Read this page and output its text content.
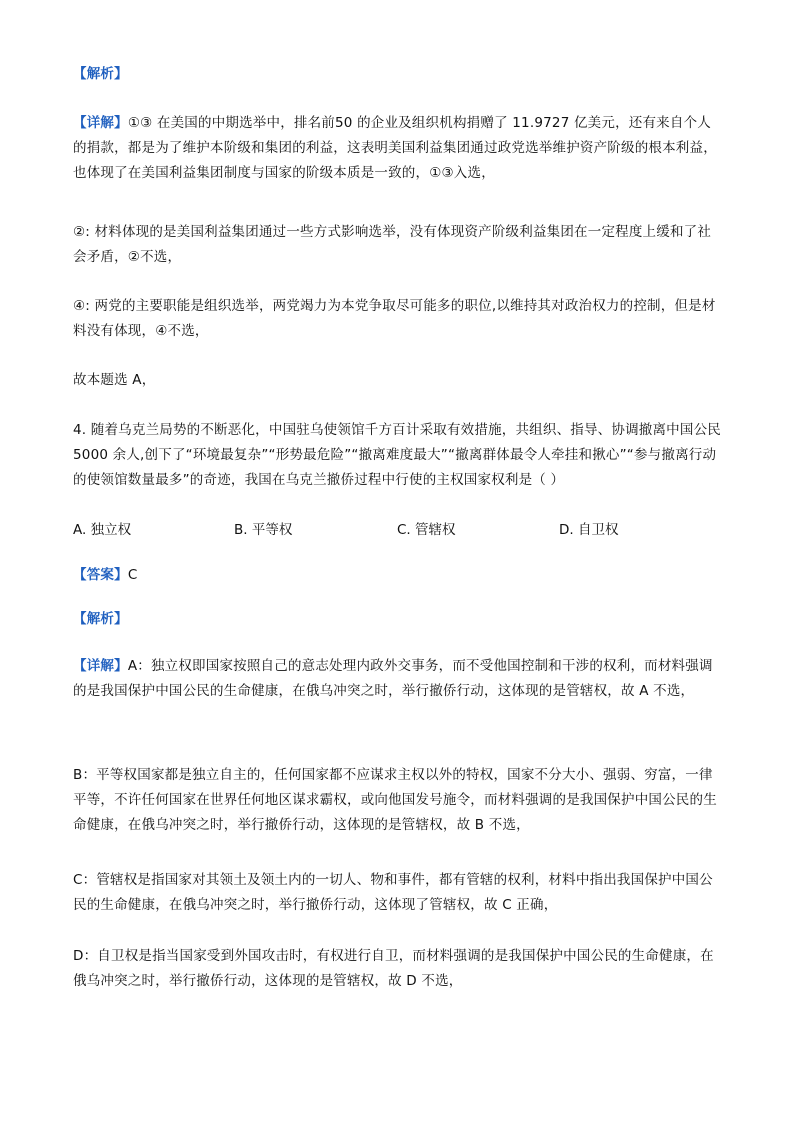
【解析】
【详解】①③ 在美国的中期选举中，排名前50 的企业及组织机构捐赠了 11.9727 亿美元，还有来自个人的捐款，都是为了维护本阶级和集团的利益，这表明美国利益集团通过政党选举维护资产阶级的根本利益，也体现了在美国利益集团制度与国家的阶级本质是一致的，①③入选，
②: 材料体现的是美国利益集团通过一些方式影响选举，没有体现资产阶级利益集团在一定程度上缓和了社会矛盾，②不选，
④: 两党的主要职能是组织选举，两党竭力为本党争取尽可能多的职位,以维持其对政治权力的控制，但是材料没有体现，④不选，
故本题选 A，
4. 随着乌克兰局势的不断恶化，中国驻乌使领馆千方百计采取有效措施，共组织、指导、协调撤离中国公民 5000 余人,创下了“环境最复杂”“形势最危险”“撤离难度最大”“撤离群体最令人牵挂和揪心”“参与撤离行动的使领馆数量最多”的奇迹，我国在乌克兰撤侨过程中行使的主权国家权利是（ ）
A. 独立权	B. 平等权	C. 管辖权	D. 自卫权
【答案】C
【解析】
【详解】A：独立权即国家按照自己的意志处理内政外交事务，而不受他国控制和干涉的权利，而材料强调的是我国保护中国公民的生命健康，在俄乌冲突之时，举行撤侨行动，这体现的是管辖权，故 A 不选，
B：平等权国家都是独立自主的，任何国家都不应谋求主权以外的特权，国家不分大小、强弱、穷富，一律平等，不许任何国家在世界任何地区谋求霸权，或向他国发号施令，而材料强调的是我国保护中国公民的生命健康，在俄乌冲突之时，举行撤侨行动，这体现的是管辖权，故 B 不选，
C：管辖权是指国家对其领土及领土内的一切人、物和事件，都有管辖的权利，材料中指出我国保护中国公民的生命健康，在俄乌冲突之时，举行撤侨行动，这体现了管辖权，故 C 正确，
D：自卫权是指当国家受到外国攻击时，有权进行自卫，而材料强调的是我国保护中国公民的生命健康，在俄乌冲突之时，举行撤侨行动，这体现的是管辖权，故 D 不选，
